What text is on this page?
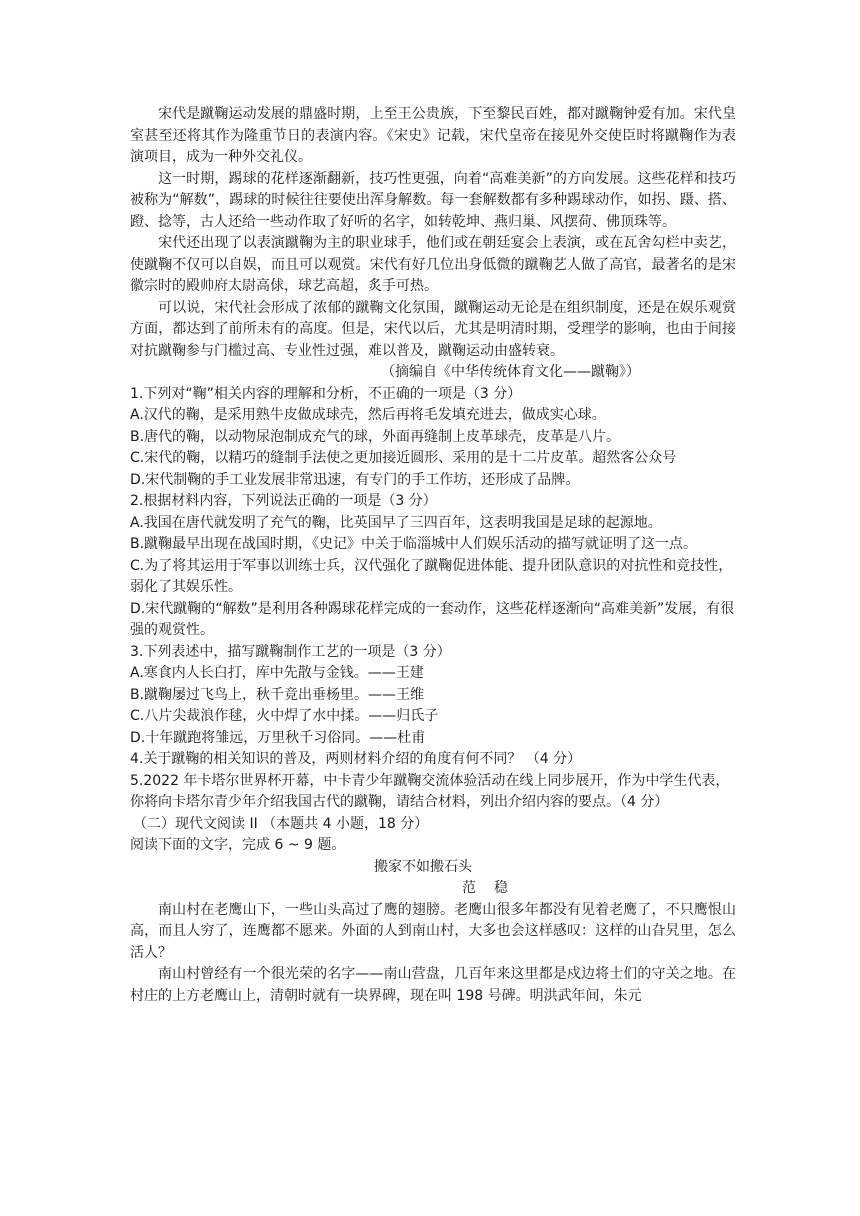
宋代是蹴鞠运动发展的鼎盛时期，上至王公贵族，下至黎民百姓，都对蹴鞠钟爱有加。宋代皇室甚至还将其作为隆重节日的表演内容。《宋史》记载，宋代皇帝在接见外交使臣时将蹴鞠作为表演项目，成为一种外交礼仪。

这一时期，踢球的花样逐渐翻新，技巧性更强，向着“高难美新”的方向发展。这些花样和技巧被称为“解数”，踢球的时候往往要使出浑身解数。每一套解数都有多种踢球动作，如拐、蹑、搭、蹬、捻等，古人还给一些动作取了好听的名字，如转乾坤、燕归巢、风摆荷、佛顶珠等。

宋代还出现了以表演蹴鞠为主的职业球手，他们或在朝廷宴会上表演，或在瓦舍勾栏中卖艺，使蹴鞠不仅可以自娱，而且可以观赏。宋代有好几位出身低微的蹴鞠艺人做了高官，最著名的是宋徽宗时的殿帅府太尉高俅，球艺高超，炙手可热。

可以说，宋代社会形成了浓郁的蹴鞠文化氛围，蹴鞠运动无论是在组织制度，还是在娱乐观赏方面，都达到了前所未有的高度。但是，宋代以后，尤其是明清时期，受理学的影响，也由于间接对抗蹴鞠参与门槛过高、专业性过强，难以普及，蹴鞠运动由盛转衰。

（摘编自《中华传统体育文化——蹴鞠》）

1.下列对“鞠”相关内容的理解和分析，不正确的一项是（3 分）

A.汉代的鞠，是采用熟牛皮做成球壳，然后再将毛发填充进去，做成实心球。

B.唐代的鞠，以动物尿泡制成充气的球，外面再缝制上皮革球壳，皮革是八片。

C.宋代的鞠，以精巧的缝制手法使之更加接近圆形、采用的是十二片皮革。超然客公众号

D.宋代制鞠的手工业发展非常迅速，有专门的手工作坊，还形成了品牌。

2.根据材料内容，下列说法正确的一项是（3 分）

A.我国在唐代就发明了充气的鞠，比英国早了三四百年，这表明我国是足球的起源地。

B.蹴鞠最早出现在战国时期，《史记》中关于临淄城中人们娱乐活动的描写就证明了这一点。

C.为了将其运用于军事以训练士兵，汉代强化了蹴鞠促进体能、提升团队意识的对抗性和竞技性，弱化了其娱乐性。

D.宋代蹴鞠的“解数”是利用各种踢球花样完成的一套动作，这些花样逐渐向“高难美新”发展，有很强的观赏性。

3.下列表述中，描写蹴鞠制作工艺的一项是（3 分）

A.寒食内人长白打，库中先散与金钱。——王建

B.蹴鞠屡过飞鸟上，秋千竞出垂杨里。——王维

C.八片尖裁浪作毬，火中焊了水中揉。——归氏子

D.十年蹴跑将雏远，万里秋千习俗同。——杜甫

4.关于蹴鞠的相关知识的普及，两则材料介绍的角度有何不同？ （4 分）

5.2022 年卡塔尔世界杯开幕，中卡青少年蹴鞠交流体验活动在线上同步展开，作为中学生代表，你将向卡塔尔青少年介绍我国古代的蹴鞠，请结合材料，列出介绍内容的要点。（4 分）

（二）现代文阅读 II （本题共 4 小题，18 分）

阅读下面的文字，完成 6 ~ 9 题。

搬家不如搬石头

范　稳

南山村在老鹰山下，一些山头高过了鹰的翅膀。老鹰山很多年都没有见着老鹰了，不只鹰恨山高，而且人穷了，连鹰都不愿来。外面的人到南山村，大多也会这样感叹：这样的山旮旯里，怎么活人？

南山村曾经有一个很光荣的名字——南山营盘，几百年来这里都是戍边将士们的守关之地。在村庄的上方老鹰山上，清朝时就有一块界碑，现在叫 198 号碑。明洪武年间，朱元
